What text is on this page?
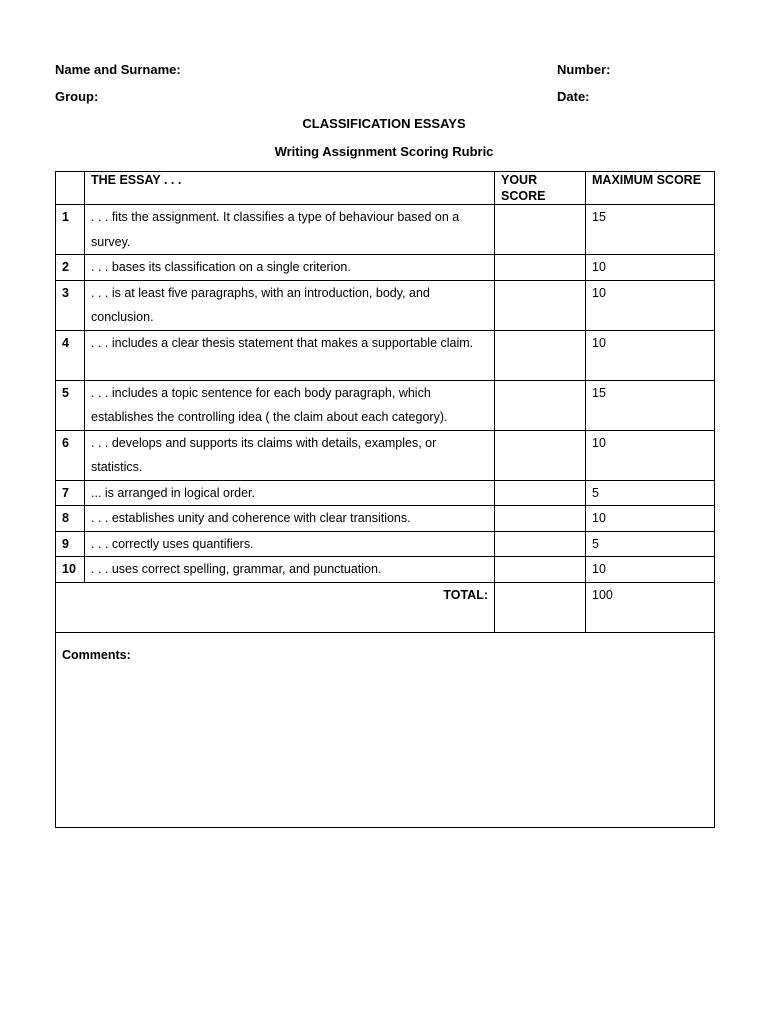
Name and Surname:	Number:
Group:	Date:
CLASSIFICATION ESSAYS
Writing Assignment Scoring Rubric
	THE ESSAY . . .	YOUR SCORE	MAXIMUM SCORE
1	. . . fits the assignment. It classifies a type of behaviour based on a survey.		15
2	. . . bases its classification on a single criterion.		10
3	. . . is at least five paragraphs, with an introduction, body, and conclusion.		10
4	. . . includes a clear thesis statement that makes a supportable claim.		10
5	. . . includes a topic sentence for each body paragraph, which establishes the controlling idea ( the claim about each category).		15
6	. . . develops and supports its claims with details, examples, or statistics.		10
7	... is arranged in logical order.		5
8	. . . establishes unity and coherence with clear transitions.		10
9	. . . correctly uses quantifiers.		5
10	. . . uses correct spelling, grammar, and punctuation.		10
TOTAL:			100
Comments:			
